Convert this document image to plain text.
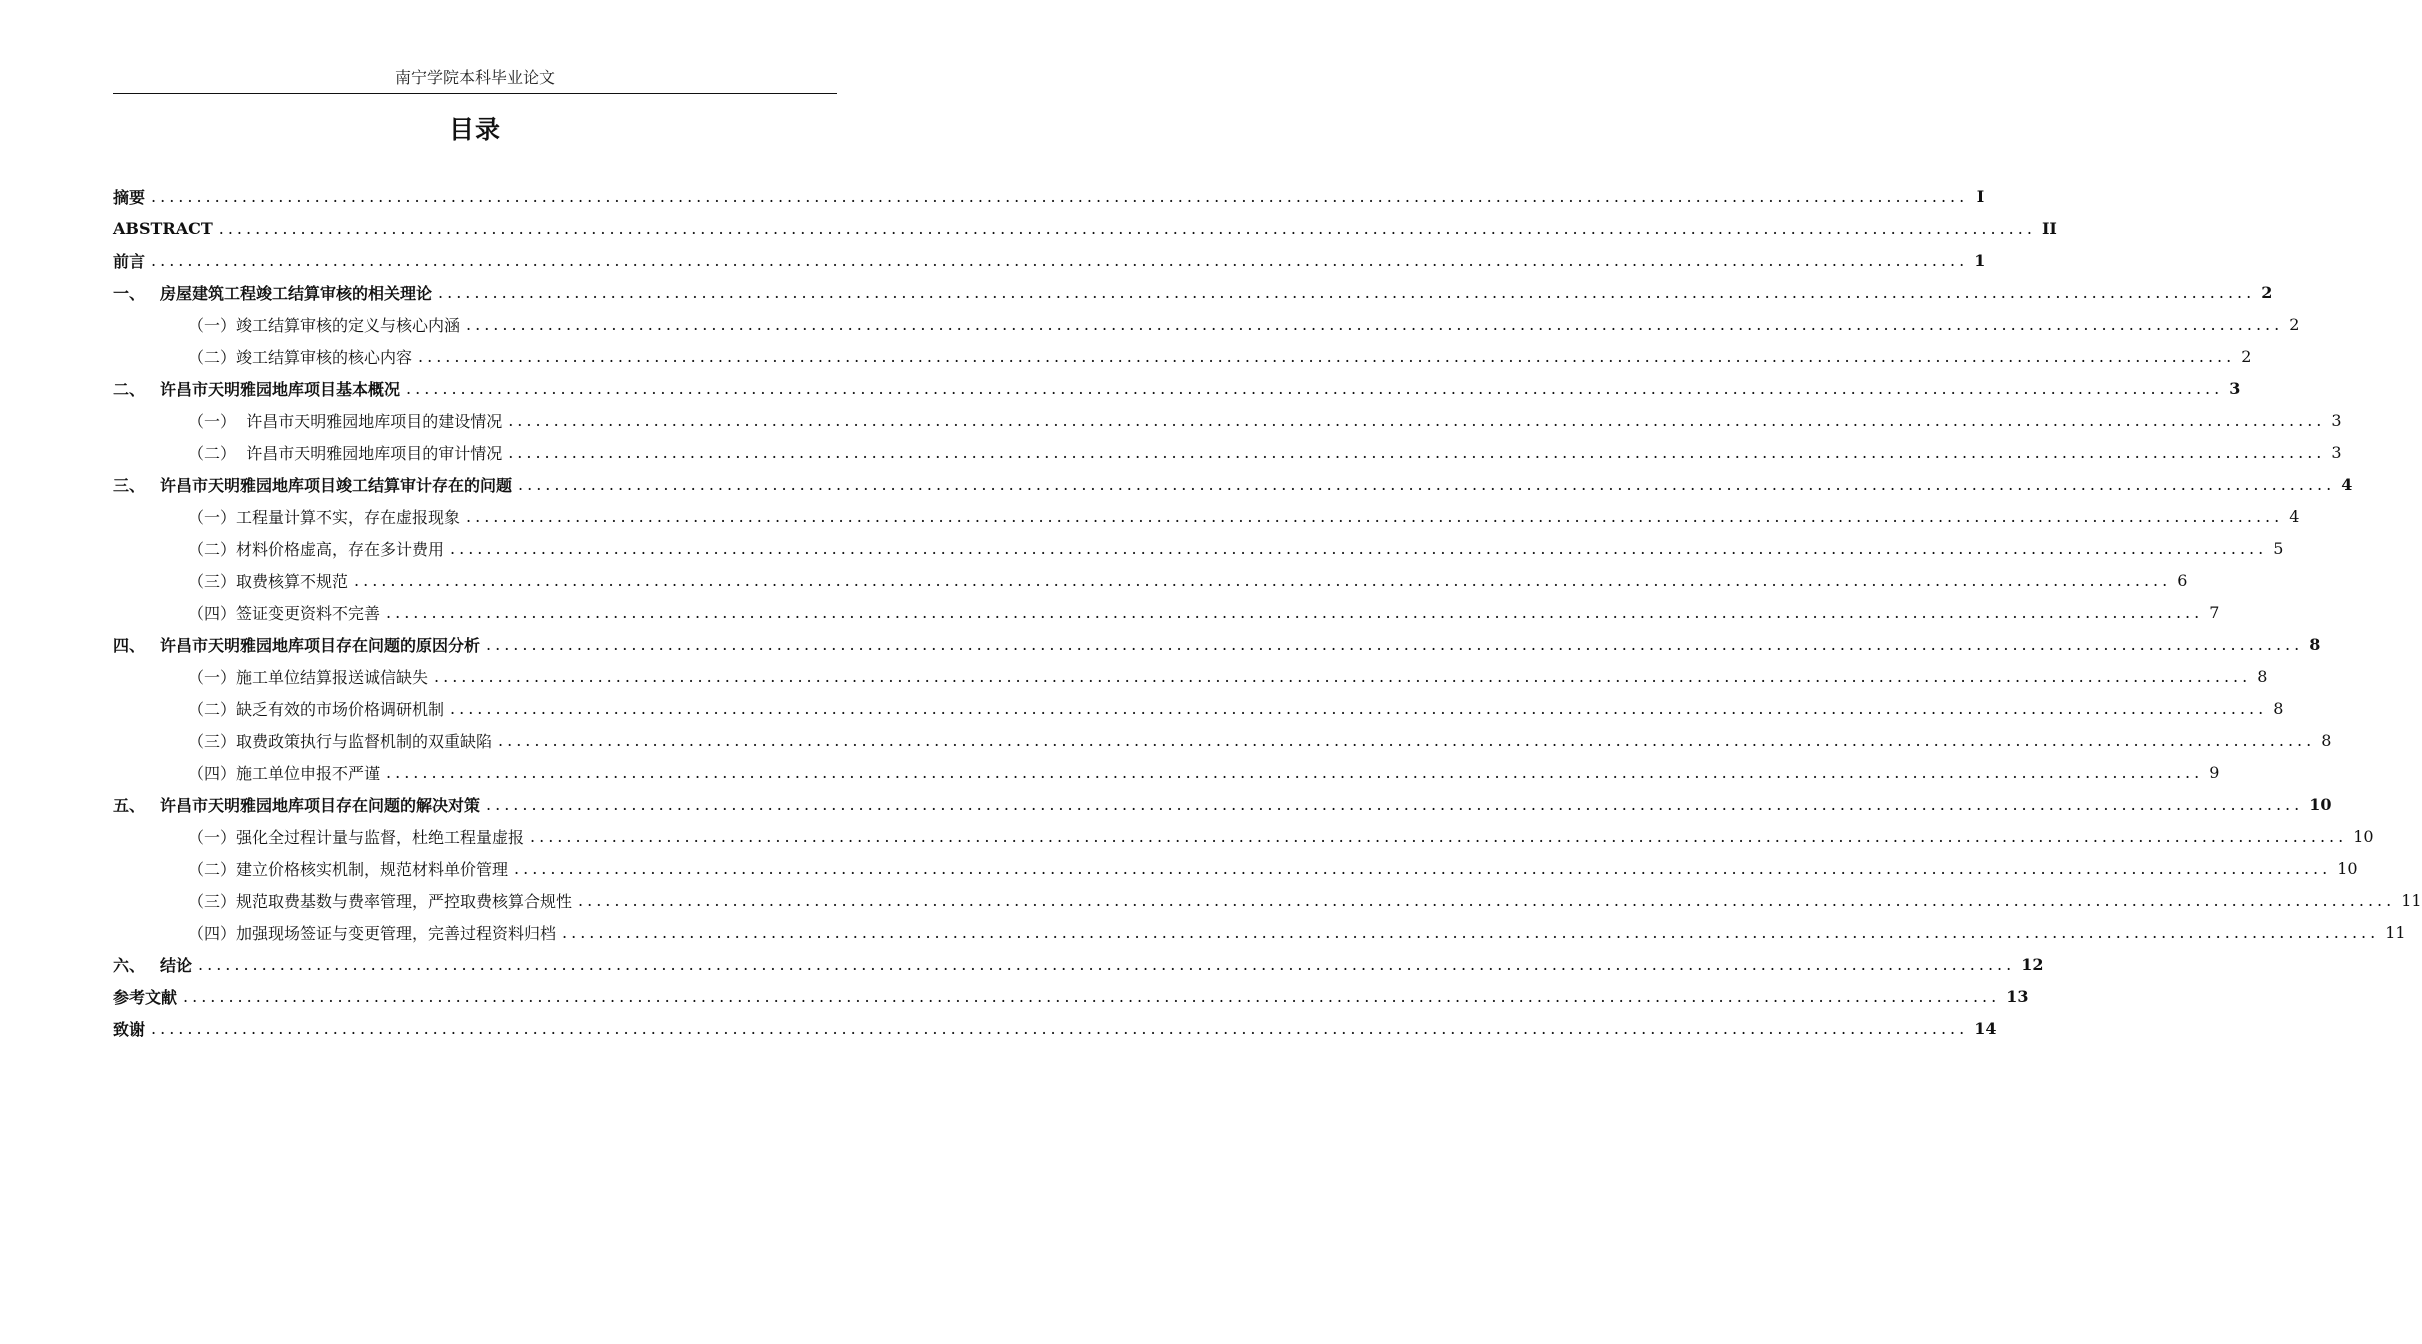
南宁学院本科毕业论文
目录
摘要 ........................................................................................................................................................................................................ I
ABSTRACT ........................................................................................................................................................................................................ II
前言 ........................................................................................................................................................................................................ 1
一、 房屋建筑工程竣工结算审核的相关理论 ........................................................................................................................................................................................................ 2
（一） 竣工结算审核的定义与核心内涵 ........................................................................................................................................................................................................ 2
（二） 竣工结算审核的核心内容 ........................................................................................................................................................................................................ 2
二、 许昌市天明雅园地库项目基本概况 ........................................................................................................................................................................................................ 3
（一） 许昌市天明雅园地库项目的建设情况 ........................................................................................................................................................................................................ 3
（二） 许昌市天明雅园地库项目的审计情况 ........................................................................................................................................................................................................ 3
三、 许昌市天明雅园地库项目竣工结算审计存在的问题 ........................................................................................................................................................................................................ 4
（一） 工程量计算不实，存在虚报现象 ........................................................................................................................................................................................................ 4
（二） 材料价格虚高，存在多计费用 ........................................................................................................................................................................................................ 5
（三） 取费核算不规范 ........................................................................................................................................................................................................ 6
（四） 签证变更资料不完善 ........................................................................................................................................................................................................ 7
四、 许昌市天明雅园地库项目存在问题的原因分析 ........................................................................................................................................................................................................ 8
（一） 施工单位结算报送诚信缺失 ........................................................................................................................................................................................................ 8
（二） 缺乏有效的市场价格调研机制 ........................................................................................................................................................................................................ 8
（三） 取费政策执行与监督机制的双重缺陷 ........................................................................................................................................................................................................ 8
（四） 施工单位申报不严谨 ........................................................................................................................................................................................................ 9
五、 许昌市天明雅园地库项目存在问题的解决对策 ........................................................................................................................................................................................................ 10
（一） 强化全过程计量与监督，杜绝工程量虚报 ........................................................................................................................................................................................................ 10
（二） 建立价格核实机制，规范材料单价管理 ........................................................................................................................................................................................................ 10
（三） 规范取费基数与费率管理，严控取费核算合规性 ........................................................................................................................................................................................................ 11
（四） 加强现场签证与变更管理，完善过程资料归档 ........................................................................................................................................................................................................ 11
六、 结论 ........................................................................................................................................................................................................ 12
参考文献 ........................................................................................................................................................................................................ 13
致谢 ........................................................................................................................................................................................................ 14
